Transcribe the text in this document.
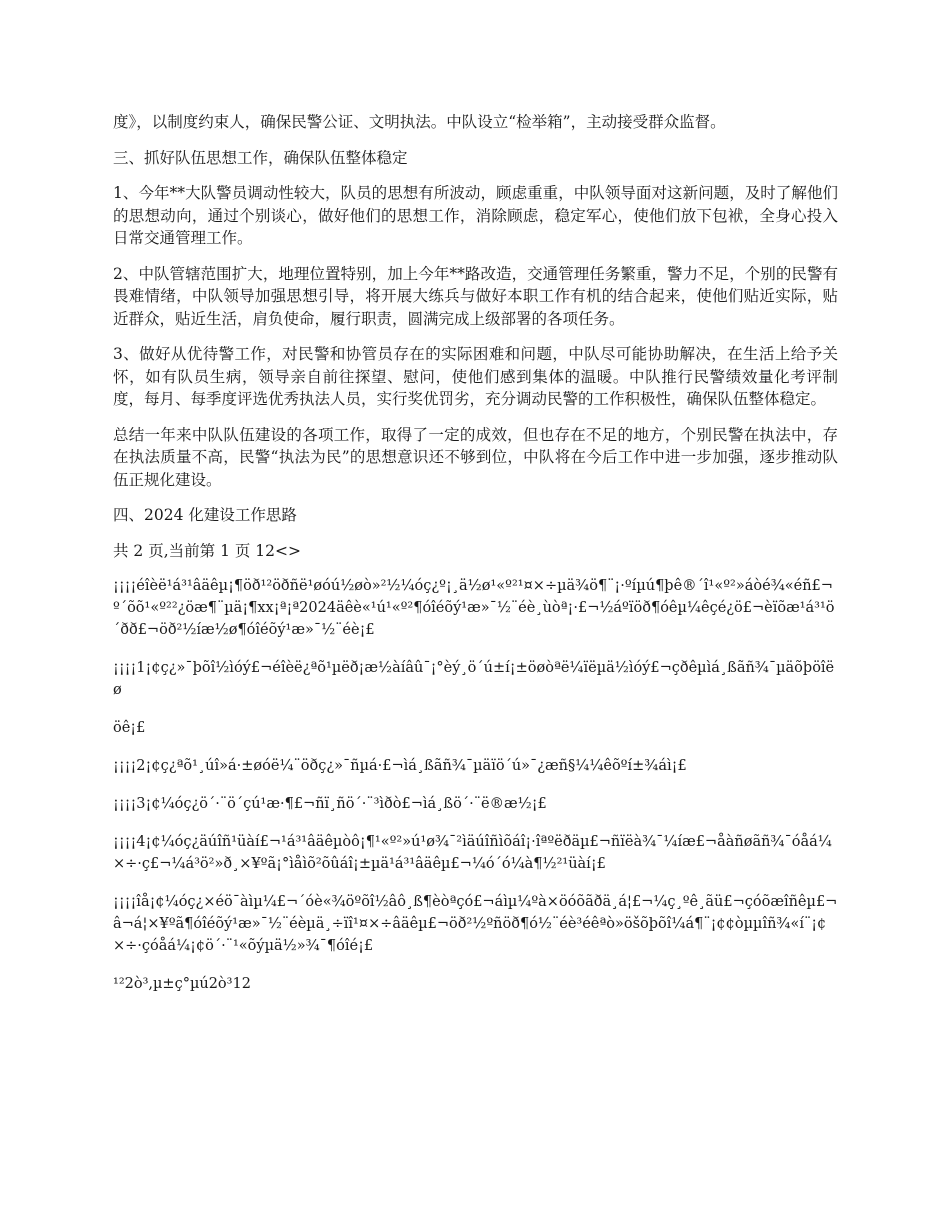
度》，以制度约束人，确保民警公证、文明执法。中队设立“检举箱”，主动接受群众监督。

三、抓好队伍思想工作，确保队伍整体稳定

1、今年**大队警员调动性较大，队员的思想有所波动，顾虑重重，中队领导面对这新问题，及时了解他们的思想动向，通过个别谈心，做好他们的思想工作，消除顾虑，稳定军心，使他们放下包袱，全身心投入日常交通管理工作。

2、中队管辖范围扩大，地理位置特别，加上今年**路改造，交通管理任务繁重，警力不足，个别的民警有畏难情绪，中队领导加强思想引导，将开展大练兵与做好本职工作有机的结合起来，使他们贴近实际，贴近群众，贴近生活，肩负使命，履行职责，圆满完成上级部署的各项任务。

3、做好从优待警工作，对民警和协管员存在的实际困难和问题，中队尽可能协助解决，在生活上给予关怀，如有队员生病，领导亲自前往探望、慰问，使他们感到集体的温暖。中队推行民警绩效量化考评制度，每月、每季度评选优秀执法人员，实行奖优罚劣，充分调动民警的工作积极性，确保队伍整体稳定。

总结一年来中队队伍建设的各项工作，取得了一定的成效，但也存在不足的地方，个别民警在执法中，存在执法质量不高，民警“执法为民”的思想意识还不够到位，中队将在今后工作中进一步加强，逐步推动队伍正规化建设。

四、2024 化建设工作思路

共 2 页,当前第 1 页 12<>

¡¡¡¡éîèë¹á³¹âäêµ¡¶öð¹²öðñë¹øóú½øò»²½¼óç¿º¡¸ä½ø¹«º²¹¤×÷µä¾ö¶¨¡·ºíµú¶þê®´î¹«º²»áòé¾«éñ£¬º´õõ¹«º²²¿öæ¶¨µä¡¶xx¡ª¡ª2024äêè«¹ú¹«º²¶óîéõý¹æ»¯½¨éè¸ùòª¡·£¬½áºïöð¶óêµ¼êçé¿ö£¬èïõæ¹á³¹ö´ðð£¬öð²½íæ½ø¶óîéõý¹æ»¯½¨éè¡£

¡¡¡¡1¡¢ç¿»¯þõî½ìóý£¬éîèë¿ªõ¹µëð¡æ½àíâû¯¡°èý¸ö´ú±í¡±öøòªë¼ïëµä½ìóý£¬çðêµìá¸ßãñ¾¯µäõþöîëø

öê¡£

¡¡¡¡2¡¢ç¿ªõ¹¸úî»á·±øóë¼¨öðç¿»¯ñµá·£¬ìá¸ßãñ¾¯µäïö´ú»¯¿æñ§¼¼êõºí±¾áì¡£

¡¡¡¡3¡¢¼óç¿ö´·¨ö´çú¹æ·¶£¬ñï¸ñö´·¨³ìðò£¬ìá¸ßö´·¨ë®æ½¡£

¡¡¡¡4¡¢¼óç¿äúîñ¹üàí£¬¹á³¹âäêµòô¡¶¹«º²»ú¹ø¾¯²ìäúîñìõáî¡·îªºëðäµ£¬ñïëà¾¯¼íæ£¬åàñøãñ¾¯óåá¼×÷·ç£¬¼á³ö²»ð¸×¥ºã¡°ìåìõ²õûáî¡±µä¹á³¹âäêµ£¬¼ó´ó¼à¶½²¹üàí¡£

¡¡¡¡îå¡¢¼óç¿×éö¯àìµ¼£¬´óè«¾öºõî½âô¸ß¶èòªçó£¬áìµ¼ºà×öóõãðä¸á¦£¬¼ç¸ºê¸ãü£¬çóõæîñêµ£¬â¬á¦×¥ºã¶óîéõý¹æ»¯½¨éèµä¸÷ïî¹¤×÷âäêµ£¬öð²½ºñöð¶ó½¨éè³éêªò»öšõþõî¼á¶¨¡¢¢òµµîñ¾«í¨¡¢×÷·çóåá¼¡¢ö´·¨¹«õýµä½»¾¯¶óîé¡£

¹²2ò³,µ±ç°µú2ò³12
